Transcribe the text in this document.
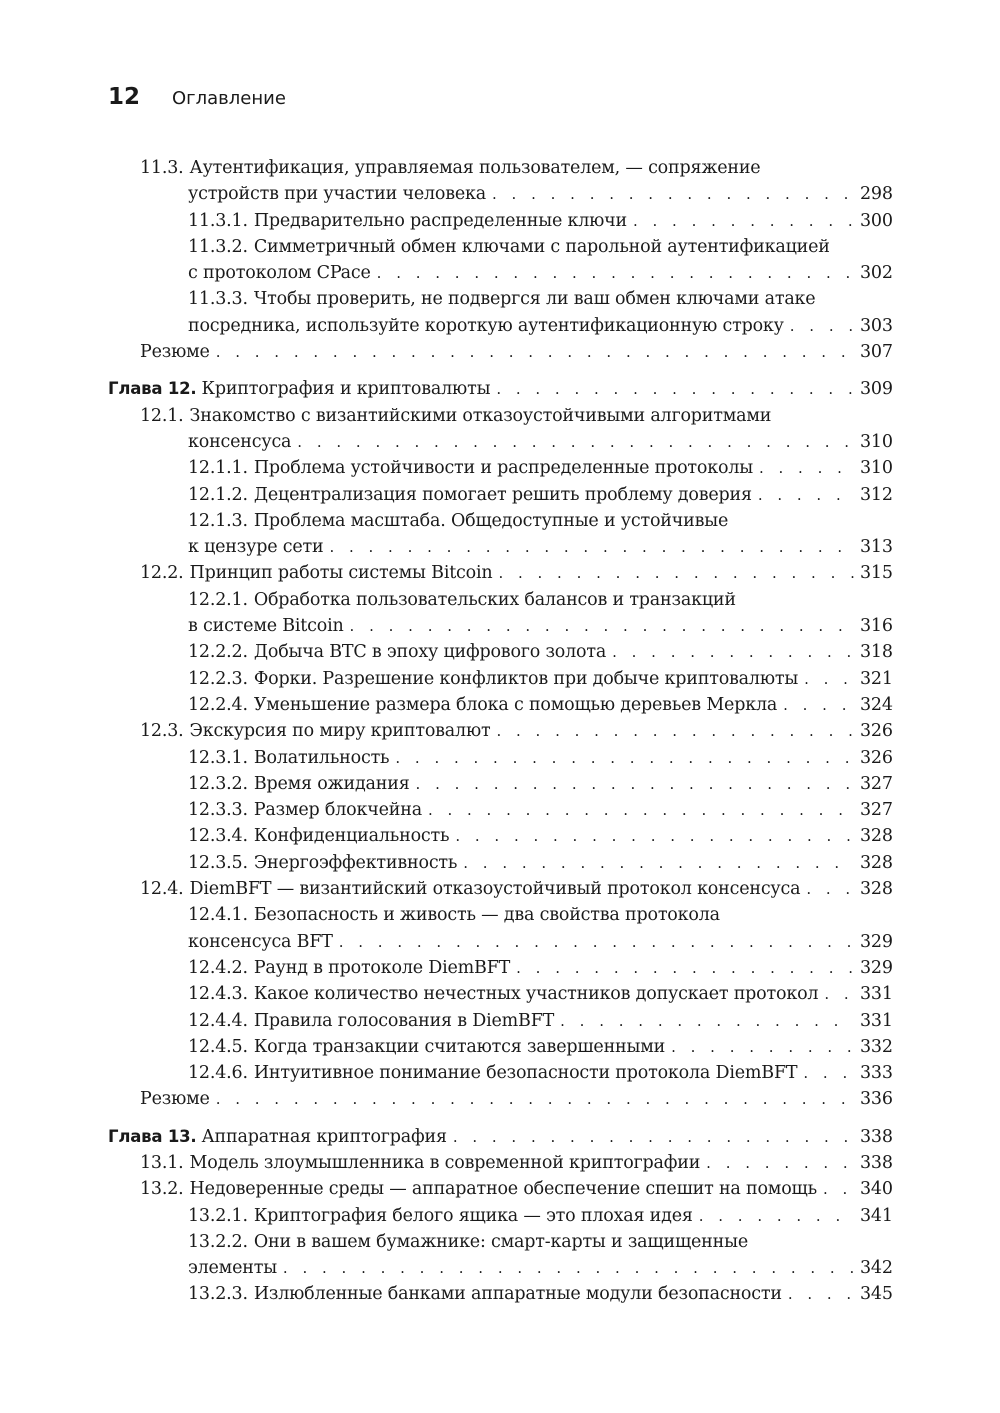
12 Оглавление
11.3. Аутентификация, управляемая пользователем, — сопряжение
устройств при участии человека . . .	298
11.3.1. Предварительно распределенные ключи . . .	300
11.3.2. Симметричный обмен ключами с парольной аутентификацией
с протоколом CPace . . .	302
11.3.3. Чтобы проверить, не подвергся ли ваш обмен ключами атаке
посредника, используйте короткую аутентификационную строку . . .	303
Резюме . . .	307
Глава 12. Криптография и криптовалюты . . .	309
12.1. Знакомство с византийскими отказоустойчивыми алгоритмами
консенсуса . . .	310
12.1.1. Проблема устойчивости и распределенные протоколы . . .	310
12.1.2. Децентрализация помогает решить проблему доверия . . .	312
12.1.3. Проблема масштаба. Общедоступные и устойчивые
к цензуре сети . . .	313
12.2. Принцип работы системы Bitcoin . . .	315
12.2.1. Обработка пользовательских балансов и транзакций
в системе Bitcoin . . .	316
12.2.2. Добыча BTC в эпоху цифрового золота . . .	318
12.2.3. Форки. Разрешение конфликтов при добыче криптовалюты . . .	321
12.2.4. Уменьшение размера блока с помощью деревьев Меркла . . .	324
12.3. Экскурсия по миру криптовалют . . .	326
12.3.1. Волатильность . . .	326
12.3.2. Время ожидания . . .	327
12.3.3. Размер блокчейна . . .	327
12.3.4. Конфиденциальность . . .	328
12.3.5. Энергоэффективность . . .	328
12.4. DiemBFT — византийский отказоустойчивый протокол консенсуса . . .	328
12.4.1. Безопасность и живость — два свойства протокола
консенсуса BFT . . .	329
12.4.2. Раунд в протоколе DiemBFT . . .	329
12.4.3. Какое количество нечестных участников допускает протокол . . . 331
12.4.4. Правила голосования в DiemBFT . . .	331
12.4.5. Когда транзакции считаются завершенными . . .	332
12.4.6. Интуитивное понимание безопасности протокола DiemBFT . . .	333
Резюме . . .	336
Глава 13. Аппаратная криптография . . .	338
13.1. Модель злоумышленника в современной криптографии . . .	338
13.2. Недоверенные среды — аппаратное обеспечение спешит на помощь . . . 340
13.2.1. Криптография белого ящика — это плохая идея . . .	341
13.2.2. Они в вашем бумажнике: смарт-карты и защищенные
элементы . . .	342
13.2.3. Излюбленные банками аппаратные модули безопасности . . .	345
